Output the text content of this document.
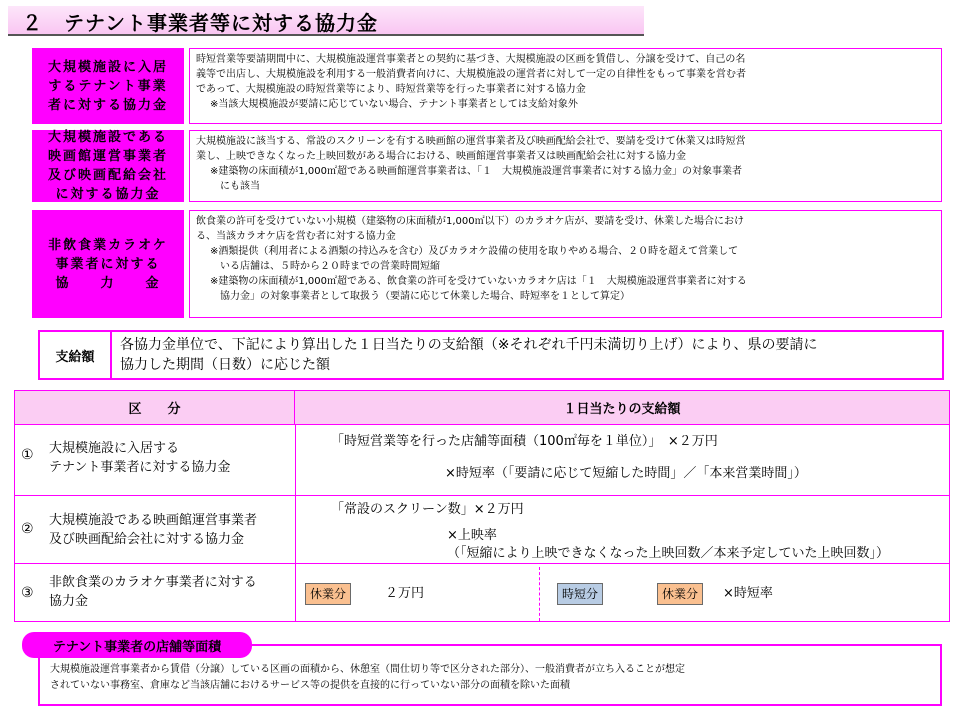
２　テナント事業者等に対する協力金
大規模施設に入居
するテナント事業
者に対する協力金
時短営業等要請期間中に、大規模施設運営事業者との契約に基づき、大規模施設の区画を賃借し、分譲を受けて、自己の名
義等で出店し、大規模施設を利用する一般消費者向けに、大規模施設の運営者に対して一定の自律性をもって事業を営む者
であって、大規模施設の時短営業等により、時短営業等を行った事業者に対する協力金
※当該大規模施設が要請に応じていない場合、テナント事業者としては支給対象外
大規模施設である
映画館運営事業者
及び映画配給会社
に対する協力金
大規模施設に該当する、常設のスクリーンを有する映画館の運営事業者及び映画配給会社で、要請を受けて休業又は時短営
業し、上映できなくなった上映回数がある場合における、映画館運営事業者又は映画配給会社に対する協力金
※建築物の床面積が1,000㎡超である映画館運営事業者は、「１　大規模施設運営事業者に対する協力金」の対象事業者
　にも該当
非飲食業カラオケ
事業者に対する
協　　力　　金
飲食業の許可を受けていない小規模（建築物の床面積が1,000㎡以下）のカラオケ店が、要請を受け、休業した場合におけ
る、当該カラオケ店を営む者に対する協力金
※酒類提供（利用者による酒類の持込みを含む）及びカラオケ設備の使用を取りやめる場合、２０時を超えて営業して
　いる店舗は、５時から２０時までの営業時間短縮
※建築物の床面積が1,000㎡超である、飲食業の許可を受けていないカラオケ店は「１　大規模施設運営事業者に対する
　協力金」の対象事業者として取扱う（要請に応じて休業した場合、時短率を１として算定）
支給額
各協力金単位で、下記により算出した１日当たりの支給額（※それぞれ千円未満切り上げ）により、県の要請に
協力した期間（日数）に応じた額
区　　分	１日当たりの支給額
① 大規模施設に入居する
テナント事業者に対する協力金
「時短営業等を行った店舗等面積（100㎡毎を１単位）」　×２万円
×時短率（「要請に応じて短縮した時間」／「本来営業時間」）
②
大規模施設である映画館運営事業者
及び映画配給会社に対する協力金
「常設のスクリーン数」×２万円
×上映率
（「短縮により上映できなくなった上映回数／本来予定していた上映回数」）
③
非飲食業のカラオケ事業者に対する
協力金	休業分	２万円	時短分	休業分	×時短率
大規模施設運営事業者から賃借（分譲）している区画の面積から、休憩室（間仕切り等で区分された部分）、一般消費者が立ち入ることが想定
されていない事務室、倉庫など当該店舗におけるサービス等の提供を直接的に行っていない部分の面積を除いた面積
テナント事業者の店舗等面積
